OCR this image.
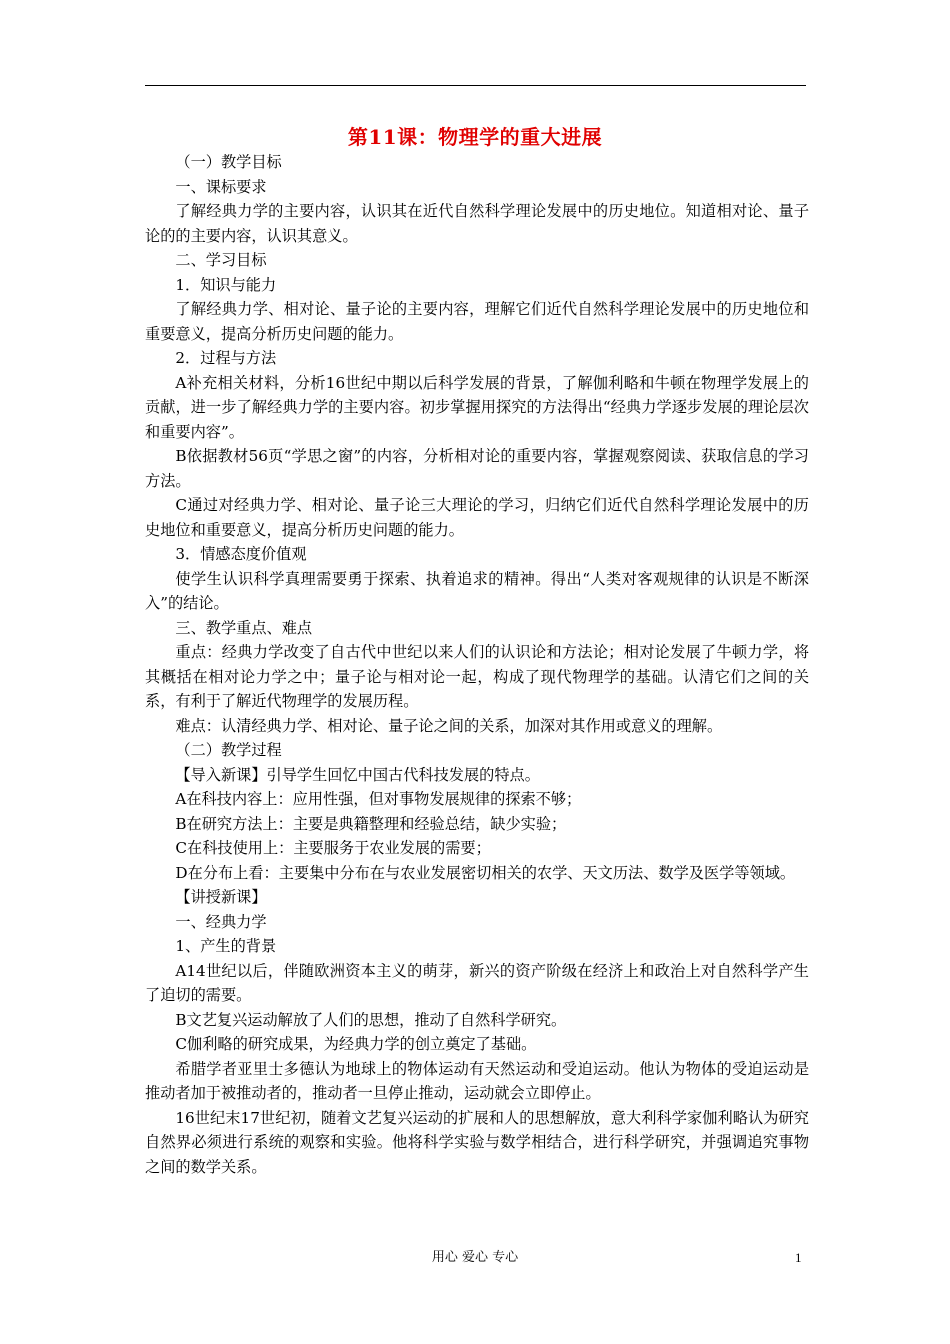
第11课：物理学的重大进展

（一）教学目标

一、课标要求

了解经典力学的主要内容，认识其在近代自然科学理论发展中的历史地位。知道相对论、量子论的的主要内容，认识其意义。

二、学习目标

1．知识与能力

了解经典力学、相对论、量子论的主要内容，理解它们近代自然科学理论发展中的历史地位和重要意义，提高分析历史问题的能力。

2．过程与方法

A补充相关材料，分析16世纪中期以后科学发展的背景，了解伽利略和牛顿在物理学发展上的贡献，进一步了解经典力学的主要内容。初步掌握用探究的方法得出“经典力学逐步发展的理论层次和重要内容”。

B依据教材56页“学思之窗”的内容，分析相对论的重要内容，掌握观察阅读、获取信息的学习方法。

C通过对经典力学、相对论、量子论三大理论的学习，归纳它们近代自然科学理论发展中的历史地位和重要意义，提高分析历史问题的能力。

3．情感态度价值观

使学生认识科学真理需要勇于探索、执着追求的精神。得出“人类对客观规律的认识是不断深入”的结论。

三、教学重点、难点

重点：经典力学改变了自古代中世纪以来人们的认识论和方法论；相对论发展了牛顿力学，将其概括在相对论力学之中；量子论与相对论一起，构成了现代物理学的基础。认清它们之间的关系，有利于了解近代物理学的发展历程。

难点：认清经典力学、相对论、量子论之间的关系，加深对其作用或意义的理解。

（二）教学过程

【导入新课】引导学生回忆中国古代科技发展的特点。

A在科技内容上：应用性强，但对事物发展规律的探索不够；

B在研究方法上：主要是典籍整理和经验总结，缺少实验；

C在科技使用上：主要服务于农业发展的需要；

D在分布上看：主要集中分布在与农业发展密切相关的农学、天文历法、数学及医学等领域。

【讲授新课】

一、经典力学

1、产生的背景

A14世纪以后，伴随欧洲资本主义的萌芽，新兴的资产阶级在经济上和政治上对自然科学产生了迫切的需要。

B文艺复兴运动解放了人们的思想，推动了自然科学研究。

C伽利略的研究成果，为经典力学的创立奠定了基础。

希腊学者亚里士多德认为地球上的物体运动有天然运动和受迫运动。他认为物体的受迫运动是推动者加于被推动者的，推动者一旦停止推动，运动就会立即停止。

16世纪末17世纪初，随着文艺复兴运动的扩展和人的思想解放，意大利科学家伽利略认为研究自然界必须进行系统的观察和实验。他将科学实验与数学相结合，进行科学研究，并强调追究事物之间的数学关系。

用心 爱心 专心	1
